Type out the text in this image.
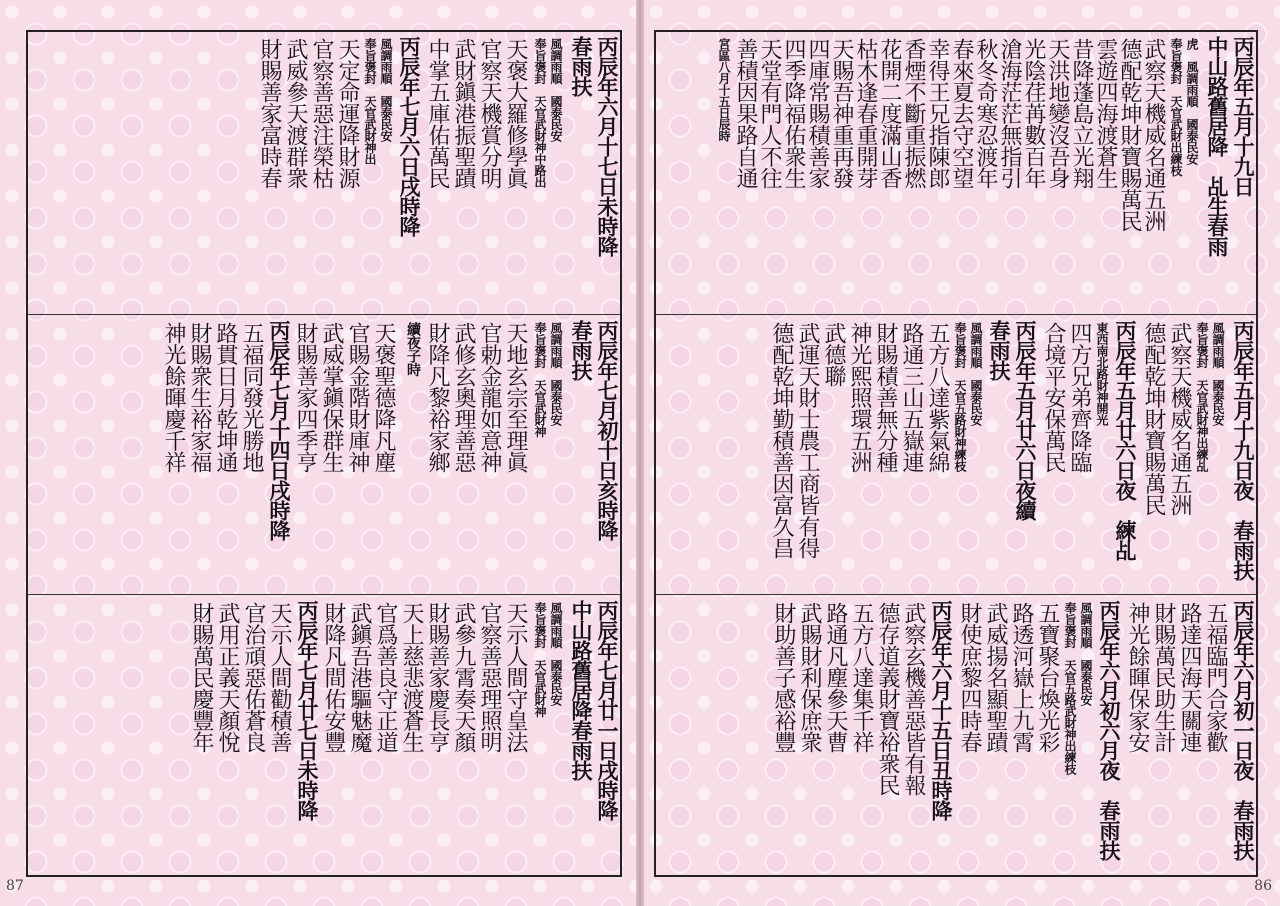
丙辰年六月十七日未時降
春雨扶
風調雨順　國泰民安
奉旨褒封　天官武財神中路出
天褒大羅修學眞
官察天機賞分明
武財鎭港振聖蹟
中掌五庫佑萬民
丙辰年七月六日戌時降
風調雨順　國泰民安
奉旨褒封　天官武財神出
天定命運降財源
官察善惡注榮枯
武威參天渡群衆
財賜善家富時春
丙辰年七月初十日亥時降
春雨扶
風調雨順　國泰民安
奉旨褒封　天官武財神
天地玄宗至理眞
官勅金龍如意神
武修玄奧理善惡
財降凡黎裕家鄉
續夜子時
天褒聖德降凡塵
官賜金階財庫神
武威掌鎭保群生
財賜善家四季亨
丙辰年七月十四日戌時降
五福同發光勝地
路貫日月乾坤通
財賜衆生裕家福
神光餘暉慶千祥
丙辰年七月廿一日戌時降
中山路舊居降春雨扶
風調雨順　國泰民安
奉旨褒封　天官武財神
天示人間守皇法
官察善惡理照明
武參九霄奏天顏
財賜善家慶長亨
天上慈悲渡蒼生
官爲善良守正道
武鎭吾港驅魅魔
財降凡間佑安豐
丙辰年七月廿七日未時降
天示人間勸積善
官治頑惡佑蒼良
武用正義天顏悅
財賜萬民慶豐年
87
丙辰年五月十九日
中山路舊居降　乩生春雨
虎　風調雨順　國泰民安
奉旨褒封　天官武財出練枝
武察天機威名通五洲
德配乾坤財寶賜萬民
雲遊四海渡蒼生
昔降蓬島立光翔
天洪地變沒吾身
光陰荏苒數百年
滄海茫茫無指引
秋冬奇寒忍渡年
春來夏去守空望
幸得王兄指陳郎
香煙不斷重振燃
花開二度滿山香
枯木逢春重開芽
天賜吾神重再發
四庫常賜積善家
四季降福佑衆生
天堂有門人不往
善積因果路自通
宮區八月十五日辰時
丙辰年五月十九日夜　春雨扶
風調雨順　國泰民安
奉旨褒封　天官武財神出練乩
武察天機威名通五洲
德配乾坤財寶賜萬民
丙辰年五月廿六日夜　練乩
東西南北路財神開光
四方兄弟齊降臨
合境平安保萬民
丙辰年五月廿六日夜續
春雨扶
風調雨順　國泰民安
奉旨褒封　天官五路財神練枝
五方八達紫氣綿
路通三山五嶽連
財賜積善無分種
神光熙照環五洲
武德聯
武運天財士農工商皆有得
德配乾坤勤積善因富久昌
丙辰年六月初一日夜　春雨扶
五福臨門合家歡
路達四海天關連
財賜萬民助生計
神光餘暉保家安
丙辰年六月初六月夜　春雨扶
風調雨順　國泰民安
奉旨褒封　天官五路武財神出練枝
五寶聚台煥光彩
路透河嶽上九霄
武威揚名顯聖蹟
財使庶黎四時春
丙辰年六月十五日丑時降
武察玄機善惡皆有報
德存道義財寶裕衆民
五方八達集千祥
路通凡塵參天曹
武賜財利保庶衆
財助善子感裕豐
86
